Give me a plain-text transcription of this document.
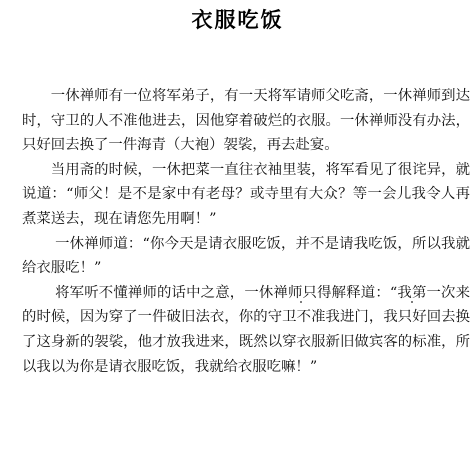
衣服吃饭

一休禅师有一位将军弟子，有一天将军请师父吃斋，一休禅师到达时，守卫的人不准他进去，因他穿着破烂的衣服。一休禅师没有办法，只好回去换了一件海青（大袍）袈裟，再去赴宴。

当用斋的时候，一休把菜一直往衣袖里装，将军看见了很诧异，就说道：“师父！是不是家中有老母？或寺里有大众？等一会儿我令人再煮菜送去，现在请您先用啊！”

一休禅师道：“你今天是请衣服吃饭，并不是请我吃饭，所以我就给衣服吃！”

将军听不懂禅师的话中之意，一休禅师只得解释道：“我第一次来的时候，因为穿了一件破旧法衣，你的守卫不准我进门，我只好回去换了这身新的袈裟，他才放我进来，既然以穿衣服新旧做宾客的标准，所以我以为你是请衣服吃饭，我就给衣服吃嘛！”
